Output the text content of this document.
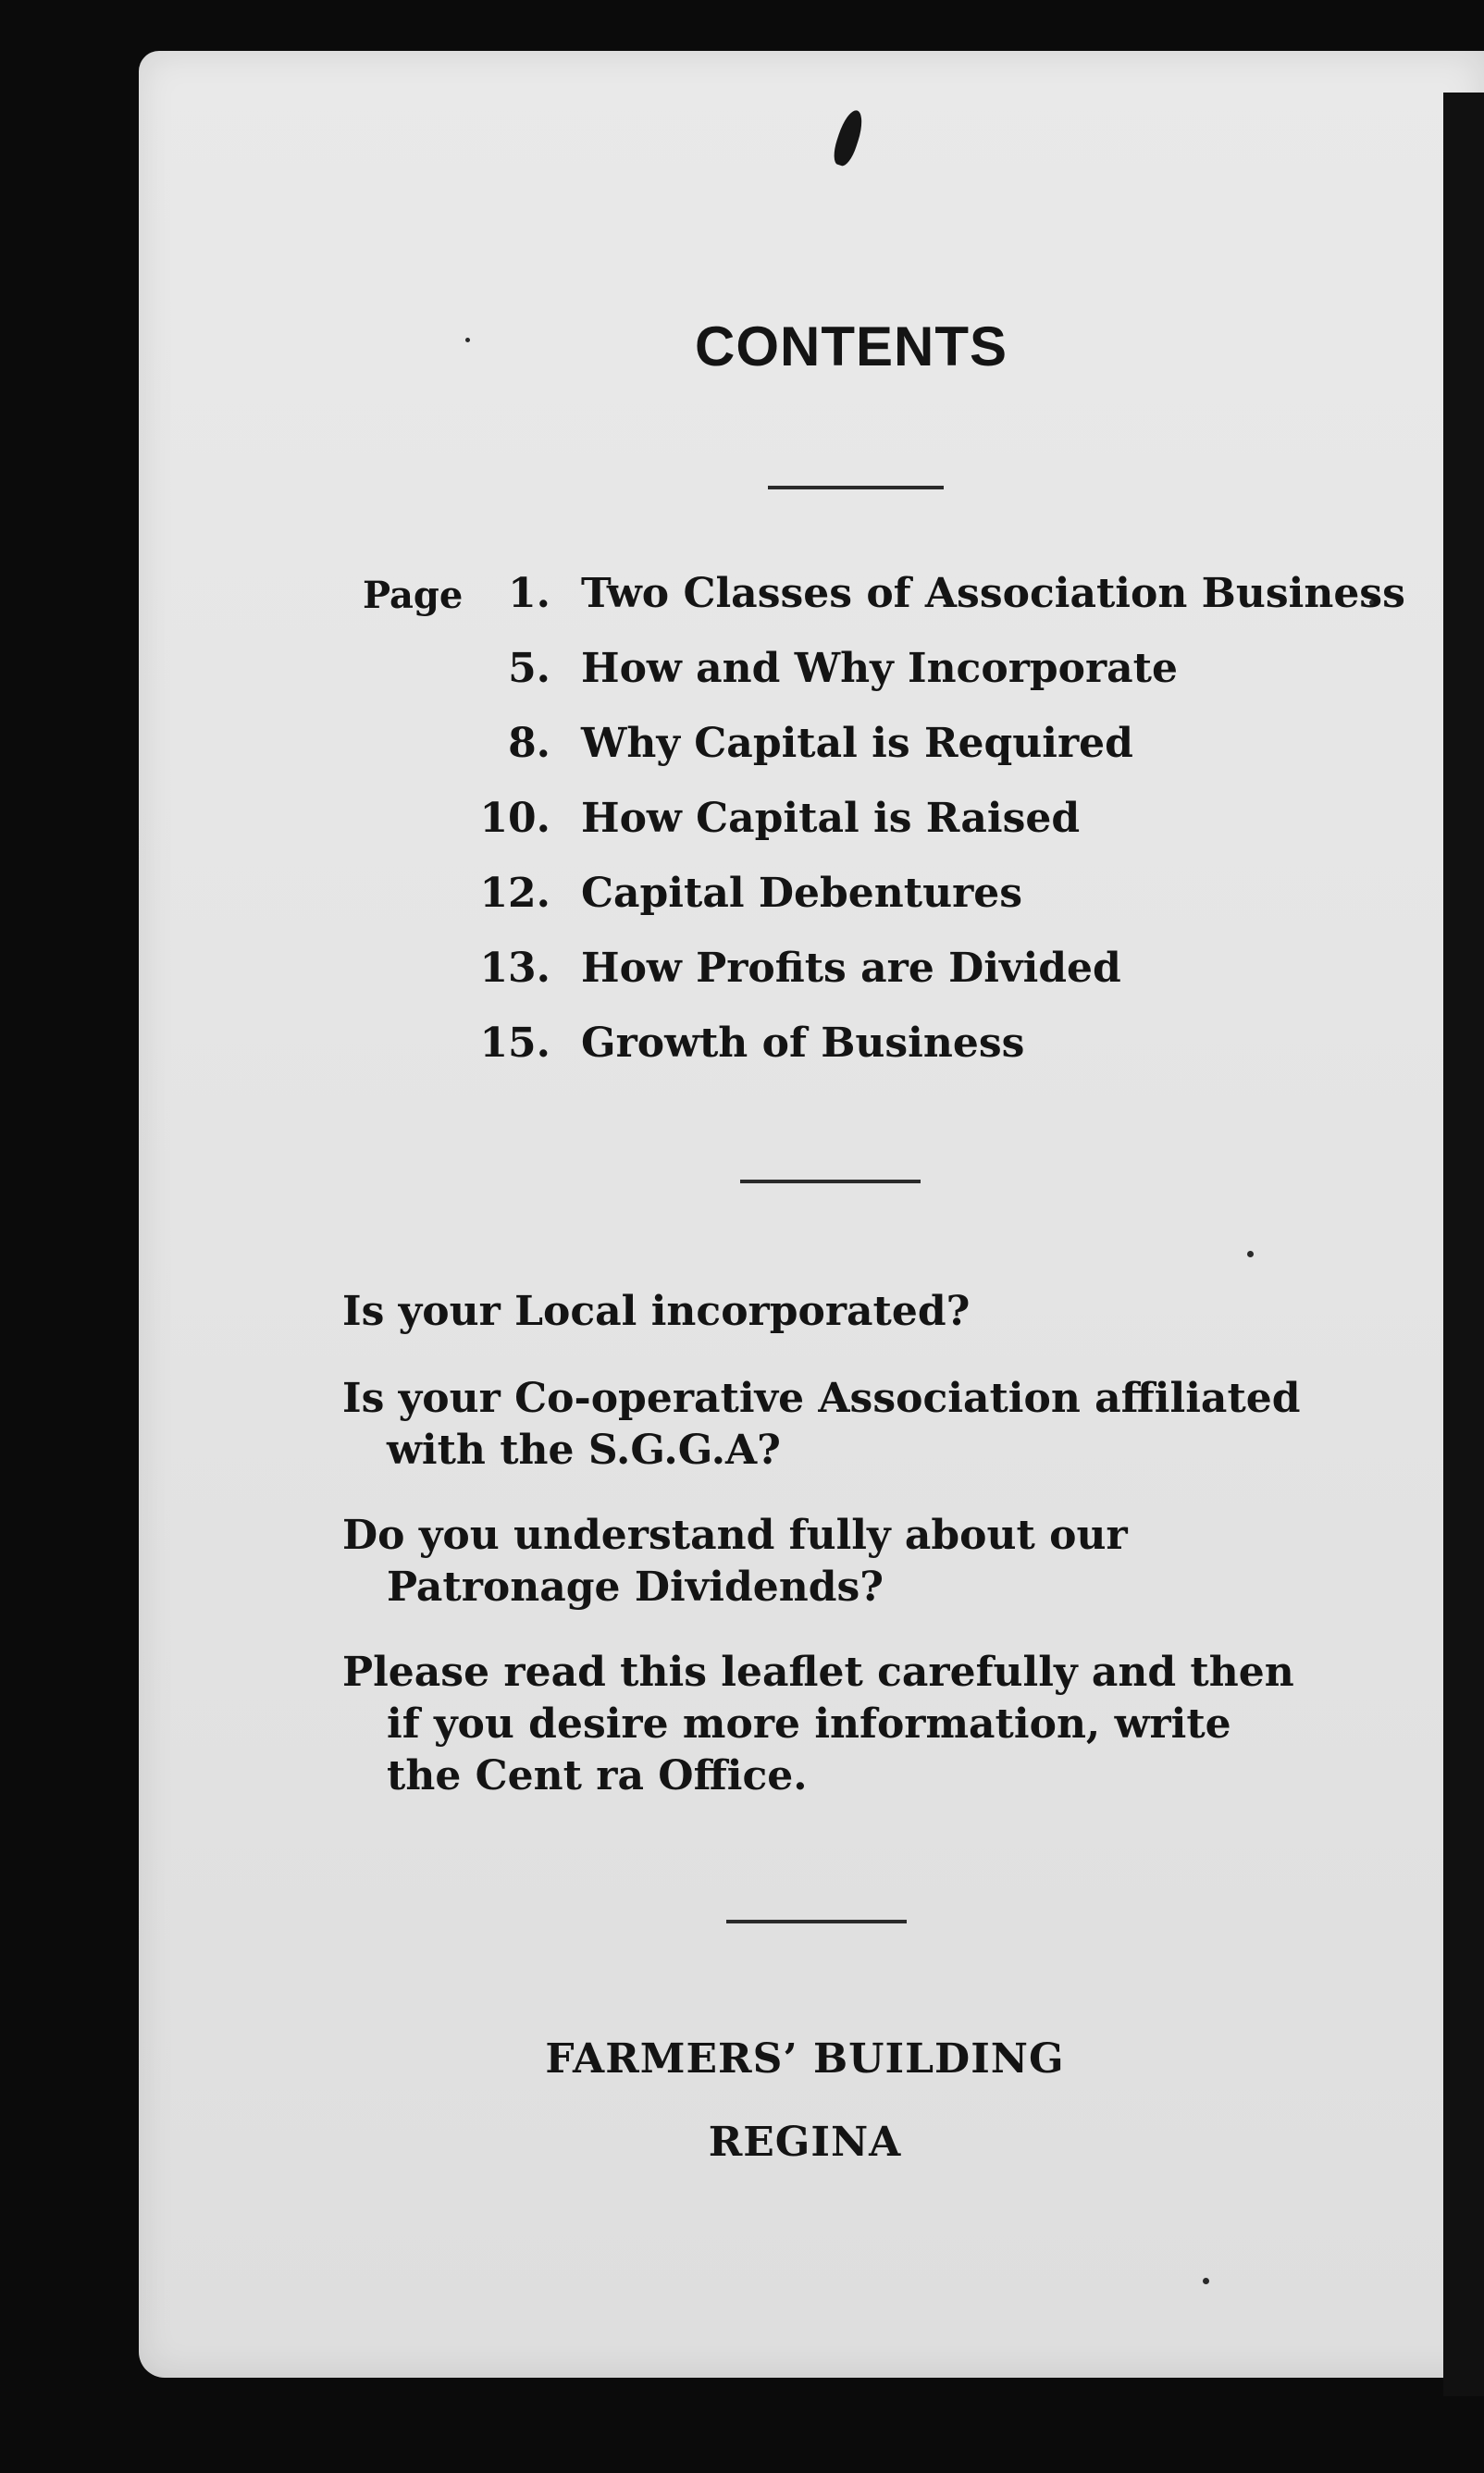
CONTENTS
Page	1. Two Classes of Association Business
5. How and Why Incorporate
8. Why Capital is Required
10. How Capital is Raised
12. Capital Debentures
13. How Profits are Divided
15. Growth of Business
Is your Local incorporated?
Is your Co-operative Association affiliated with the S.G.G.A?
Do you understand fully about our Patronage Dividends?
Please read this leaflet carefully and then if you desire more information, write the Cent ra Office.
FARMERS’ BUILDING
REGINA
